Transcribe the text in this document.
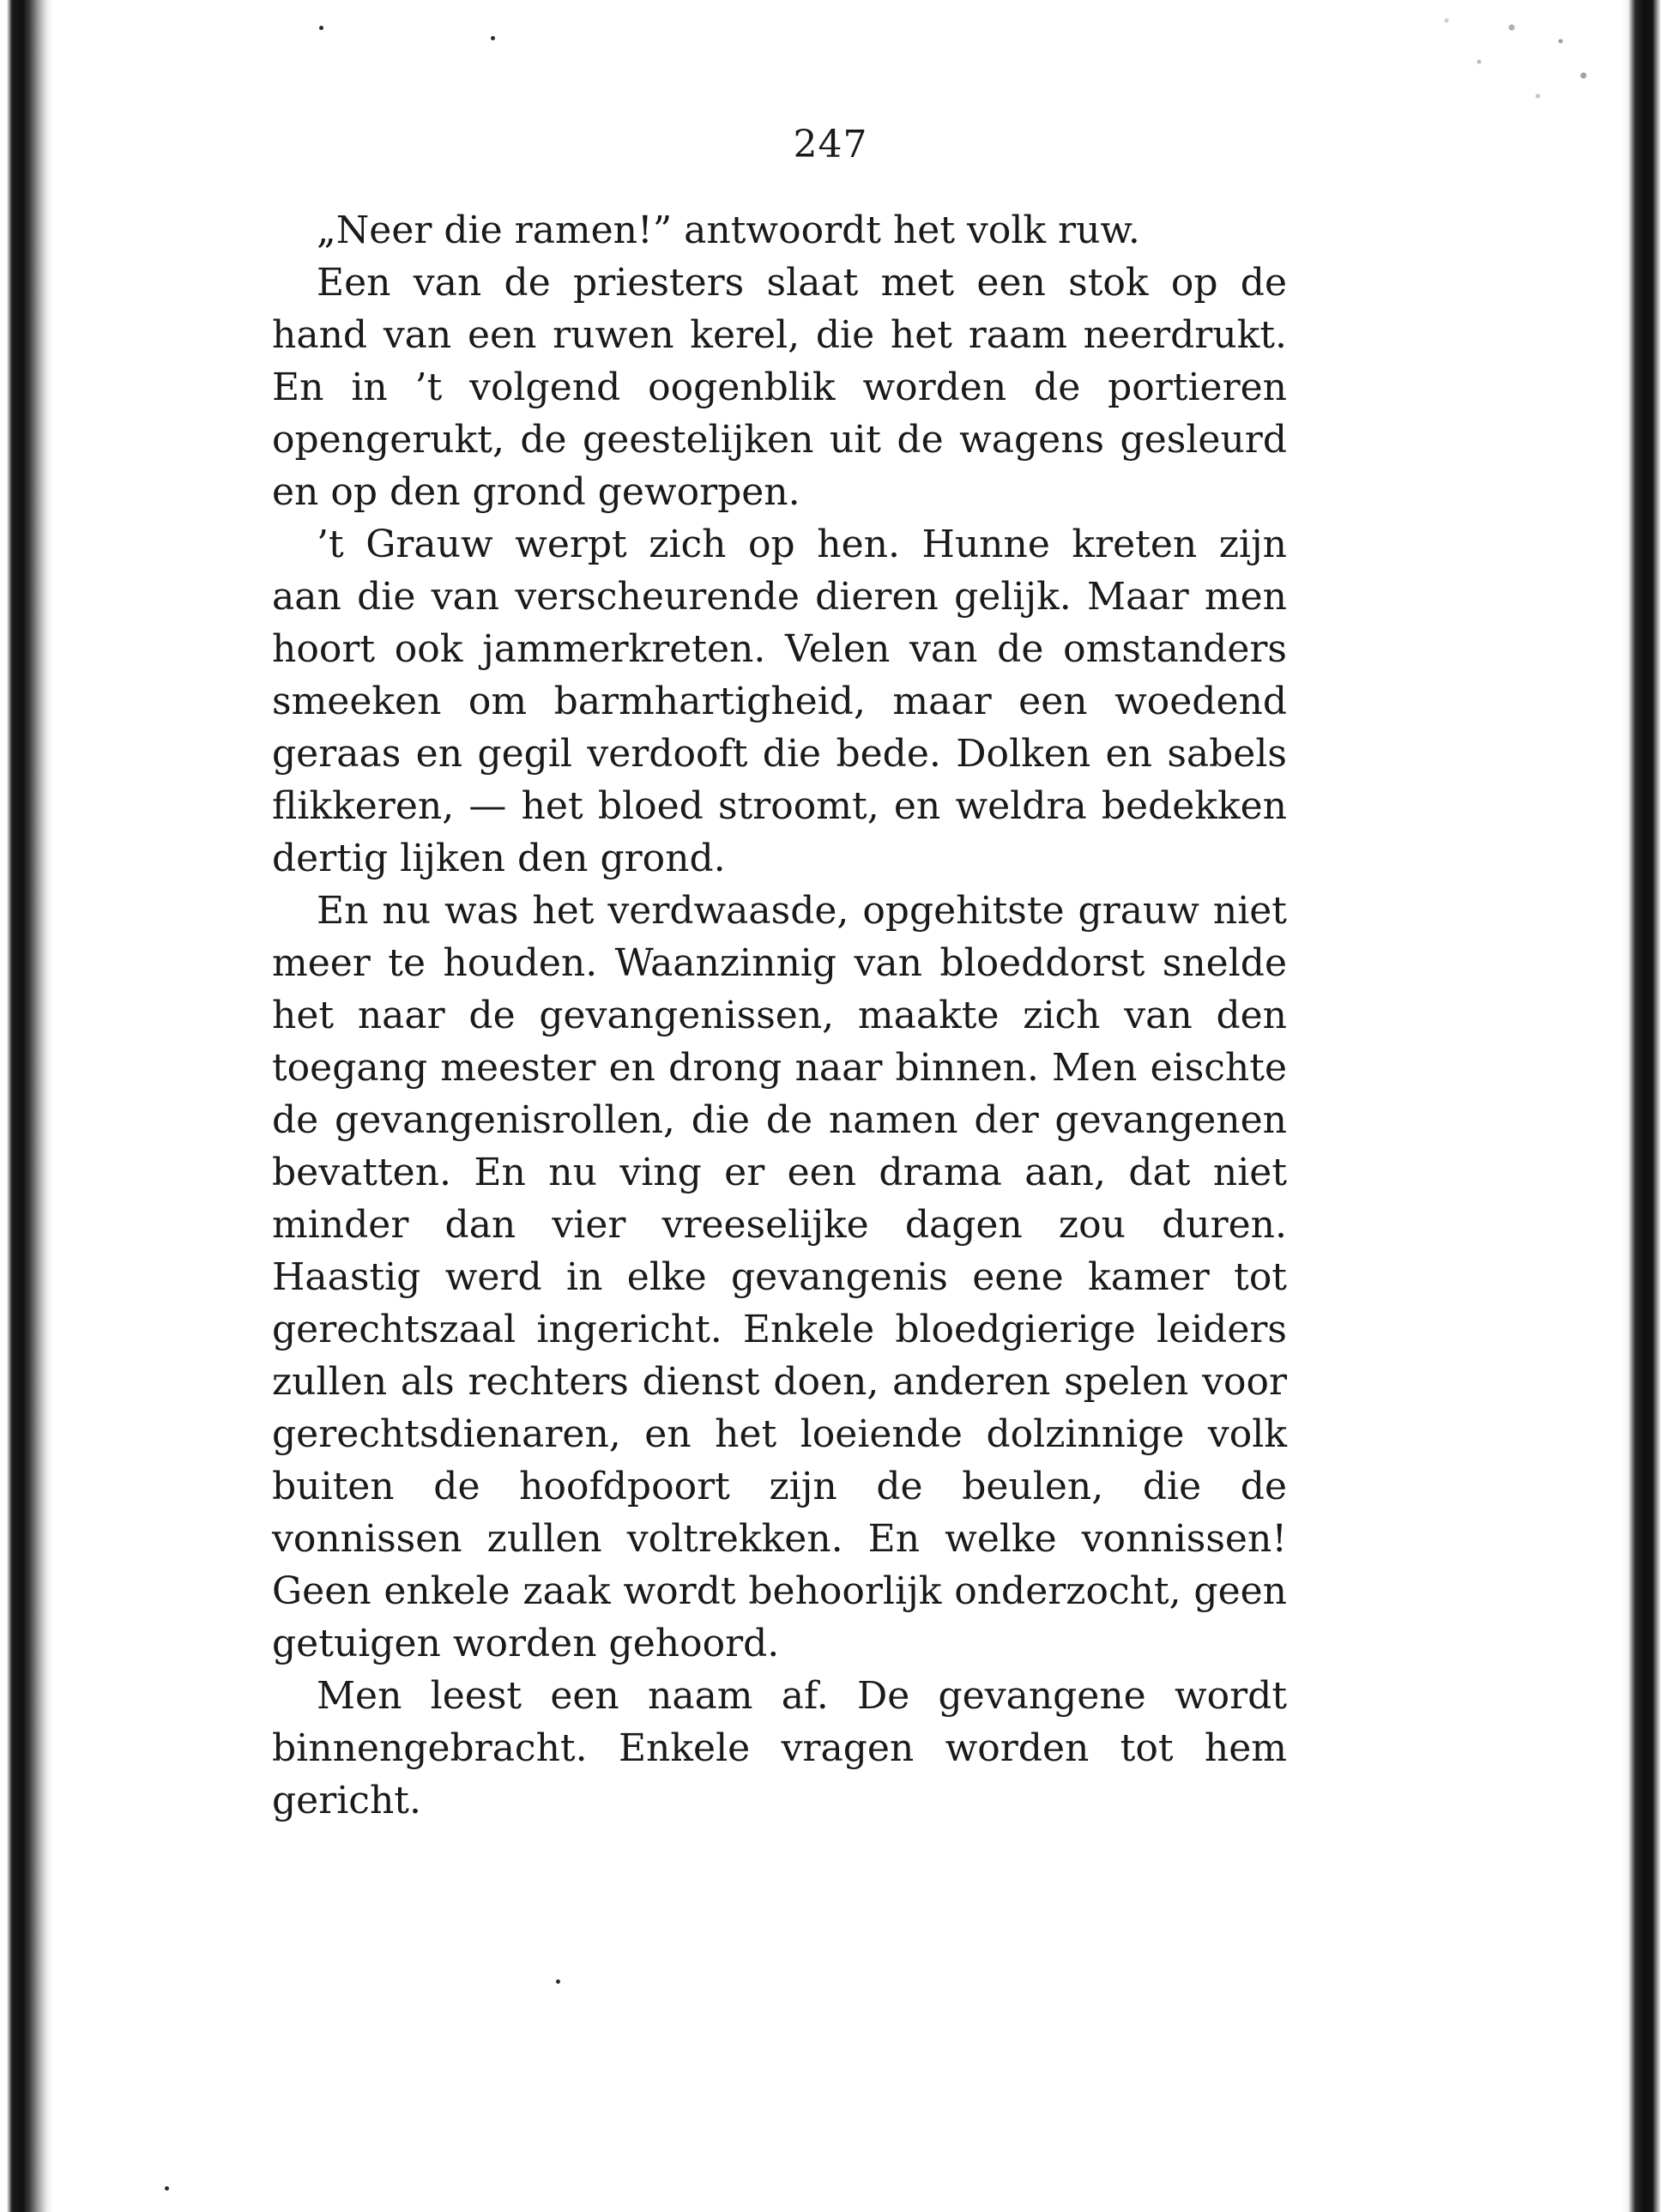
247

„Neer die ramen!” antwoordt het volk ruw.

Een van de priesters slaat met een stok op de hand van een ruwen kerel, die het raam neerdrukt. En in ’t volgend oogenblik worden de portieren opengerukt, de geestelijken uit de wagens gesleurd en op den grond geworpen.

’t Grauw werpt zich op hen. Hunne kreten zijn aan die van verscheurende dieren gelijk. Maar men hoort ook jammerkreten. Velen van de omstanders smeeken om barmhartigheid, maar een woedend geraas en gegil verdooft die bede. Dolken en sabels flikkeren, — het bloed stroomt, en weldra bedekken dertig lijken den grond.

En nu was het verdwaasde, opgehitste grauw niet meer te houden. Waanzinnig van bloeddorst snelde het naar de gevangenissen, maakte zich van den toegang meester en drong naar binnen. Men eischte de gevangenisrollen, die de namen der gevangenen bevatten. En nu ving er een drama aan, dat niet minder dan vier vreeselijke dagen zou duren. Haastig werd in elke gevangenis eene kamer tot gerechtszaal ingericht. Enkele bloedgierige leiders zullen als rechters dienst doen, anderen spelen voor gerechtsdienaren, en het loeiende dolzinnige volk buiten de hoofdpoort zijn de beulen, die de vonnissen zullen voltrekken. En welke vonnissen! Geen enkele zaak wordt behoorlijk onderzocht, geen getuigen worden gehoord.

Men leest een naam af. De gevangene wordt binnengebracht. Enkele vragen worden tot hem gericht.
